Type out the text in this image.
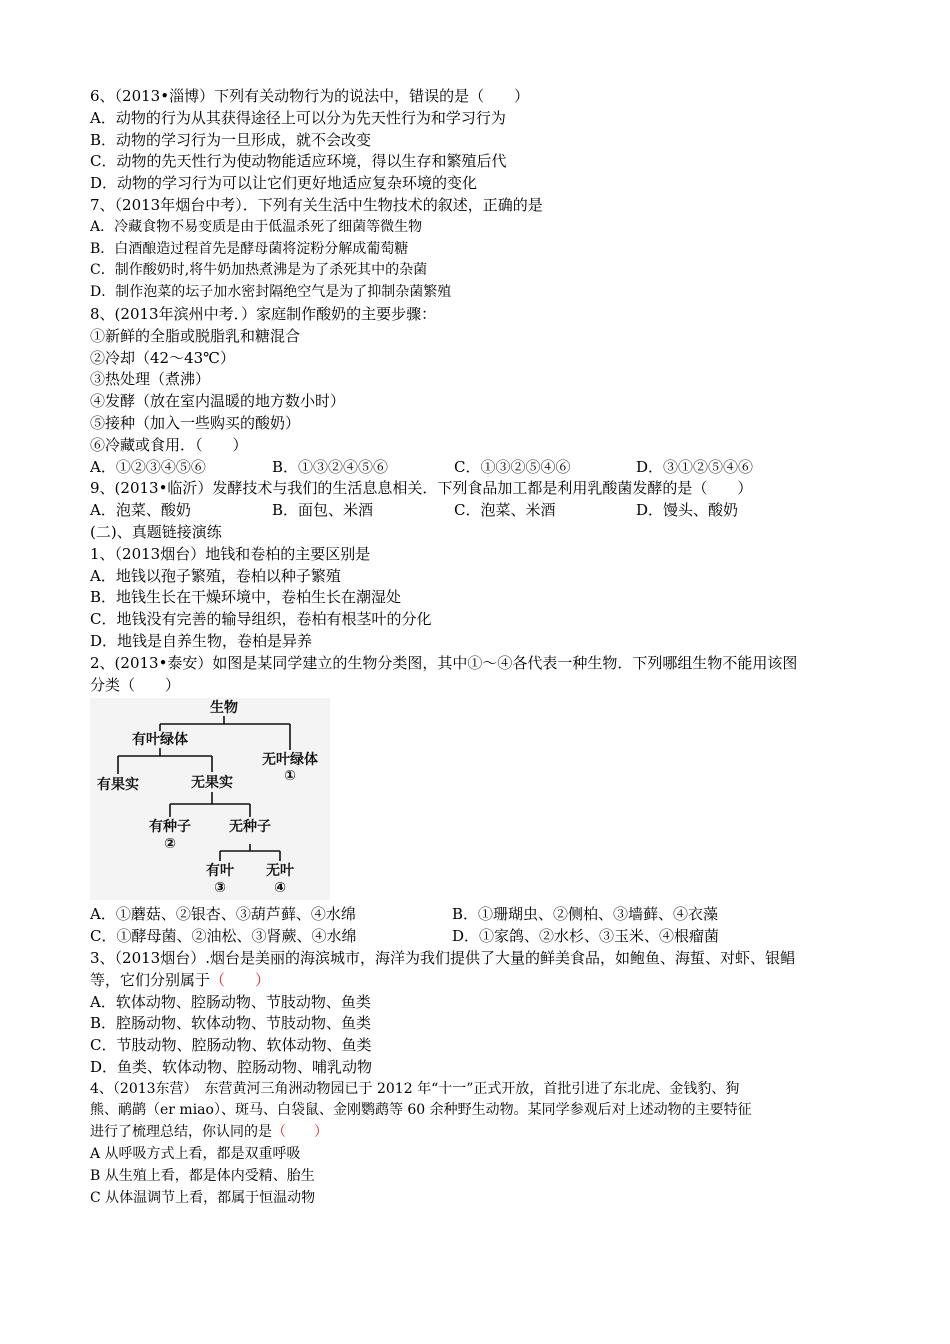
6、（2013•淄博）下列有关动物行为的说法中，错误的是（　　）
A．动物的行为从其获得途径上可以分为先天性行为和学习行为
B．动物的学习行为一旦形成，就不会改变
C．动物的先天性行为使动物能适应环境，得以生存和繁殖后代
D．动物的学习行为可以让它们更好地适应复杂环境的变化
7、（2013年烟台中考）．下列有关生活中生物技术的叙述，正确的是
A．冷藏食物不易变质是由于低温杀死了细菌等微生物
B．白酒酿造过程首先是酵母菌将淀粉分解成葡萄糖
C．制作酸奶时,将牛奶加热煮沸是为了杀死其中的杂菌
D．制作泡菜的坛子加水密封隔绝空气是为了抑制杂菌繁殖
8、(2013年滨州中考．）家庭制作酸奶的主要步骤：
①新鲜的全脂或脱脂乳和糖混合
②冷却（42～43℃）
③热处理（煮沸）
④发酵（放在室内温暖的地方数小时）
⑤接种（加入一些购买的酸奶）
⑥冷藏或食用．（　　）
A．①②③④⑤⑥	B．①③②④⑤⑥	C．①③②⑤④⑥	D．③①②⑤④⑥
9、(2013•临沂）发酵技术与我们的生活息息相关．下列食品加工都是利用乳酸菌发酵的是（　　）
A．泡菜、酸奶	B．面包、米酒	C．泡菜、米酒	D．馒头、酸奶
(二)、真题链接演练
1、（2013烟台）地钱和卷柏的主要区别是
A．地钱以孢子繁殖，卷柏以种子繁殖
B．地钱生长在干燥环境中，卷柏生长在潮湿处
C．地钱没有完善的输导组织，卷柏有根茎叶的分化
D．地钱是自养生物，卷柏是异养
2、(2013•泰安）如图是某同学建立的生物分类图，其中①～④各代表一种生物．下列哪组生物不能用该图
分类（　　）
生物
有叶绿体
无叶绿体
①
有果实	无果实
有种子
②
无种子
有叶
③
无叶
④
A．①蘑菇、②银杏、③葫芦藓、④水绵	B．①珊瑚虫、②侧柏、③墙藓、④衣藻
C．①酵母菌、②油松、③肾蕨、④水绵	D．①家鸽、②水杉、③玉米、④根瘤菌
3、（2013烟台）.烟台是美丽的海滨城市，海洋为我们提供了大量的鲜美食品，如鲍鱼、海蜇、对虾、银鲳
等，它们分别属于（　　）
A．软体动物、腔肠动物、节肢动物、鱼类
B．腔肠动物、软体动物、节肢动物、鱼类
C．节肢动物、腔肠动物、软体动物、鱼类
D．鱼类、软体动物、腔肠动物、哺乳动物
4、（2013东营）　东营黄河三角洲动物园已于 2012 年“十一”正式开放，首批引进了东北虎、金钱豹、狗
熊、鸸鹋（er miao）、斑马、白袋鼠、金刚鹦鹉等 60 余种野生动物。某同学参观后对上述动物的主要特征
进行了梳理总结，你认同的是（　　）
A 从呼吸方式上看，都是双重呼吸
B 从生殖上看，都是体内受精、胎生
C 从体温调节上看，都属于恒温动物
